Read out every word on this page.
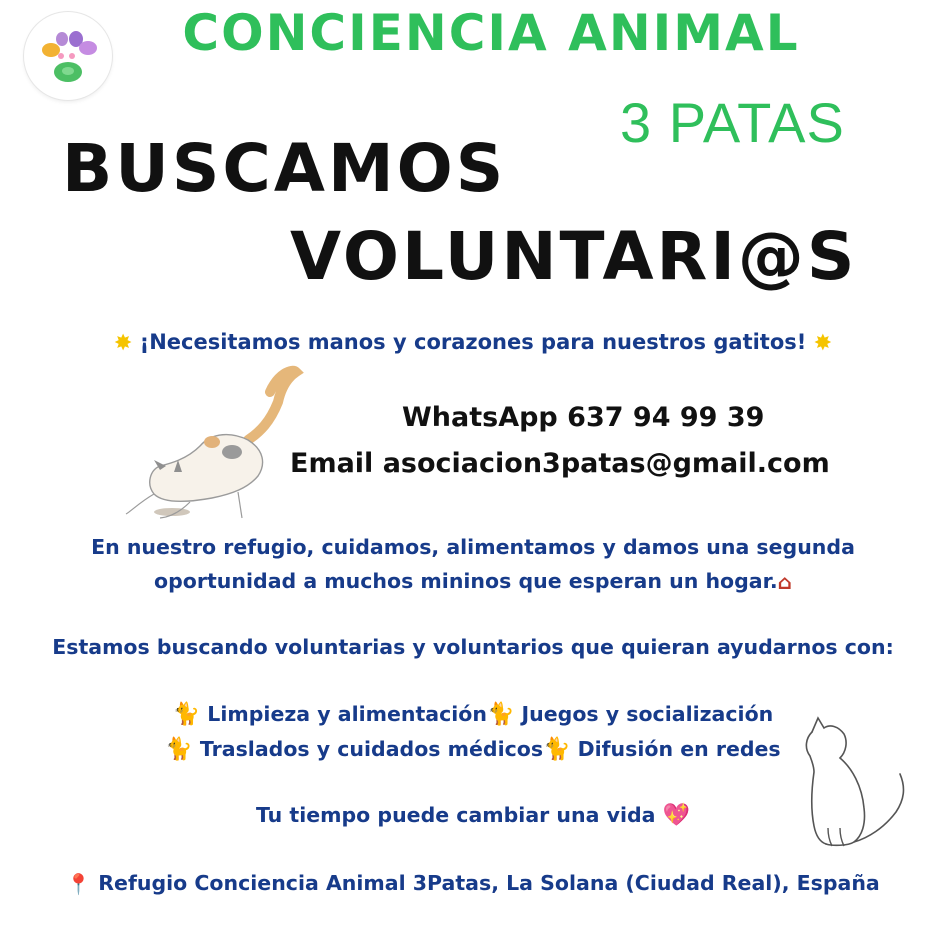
CONCIENCIA ANIMAL
3 PATAS
BUSCAMOS
VOLUNTARI@S
✸ ¡Necesitamos manos y corazones para nuestros gatitos! ✸
WhatsApp 637 94 99 39
Email asociacion3patas@gmail.com
En nuestro refugio, cuidamos, alimentamos y damos una segunda
oportunidad a muchos mininos que esperan un hogar.⌂
Estamos buscando voluntarias y voluntarios que quieran ayudarnos con:
🐈 Limpieza y alimentación🐈 Juegos y socialización
🐈 Traslados y cuidados médicos🐈 Difusión en redes
Tu tiempo puede cambiar una vida 💖
📍 Refugio Conciencia Animal 3Patas, La Solana (Ciudad Real), España
